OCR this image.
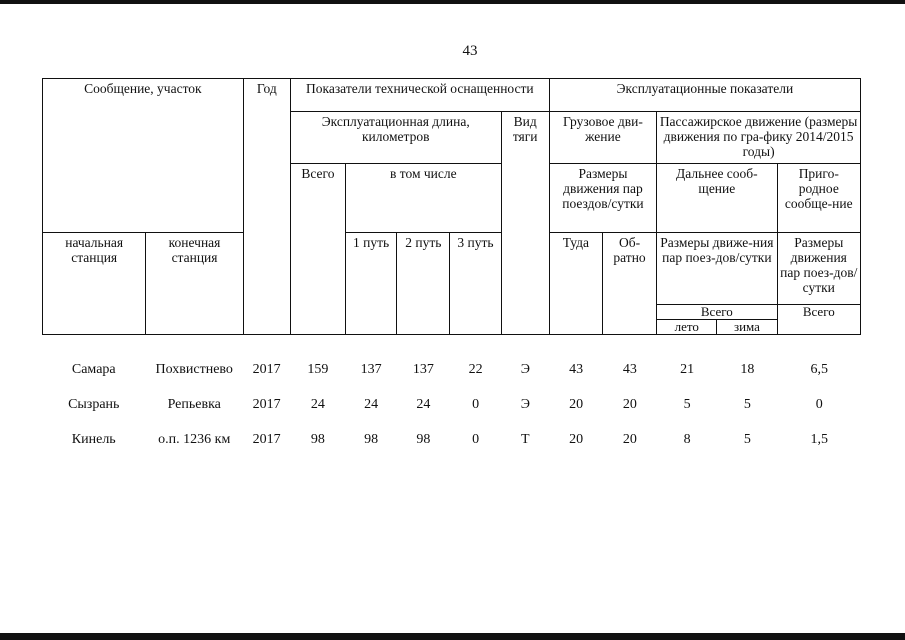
43
Сообщение, участок		Год	Показатели технической оснащенности					Эксплуатационные показатели				
			Эксплуатационная длина, километров				Вид тяги	Грузовое дви-жение		Пассажирское движение (размеры движения по гра-фику 2014/2015 годы)		
			Всего	в том числе				Размеры движения пар поездов/сутки		Дальнее сооб-щение		Приго-родное сообще-ние
начальная станция	конечная станция			1 путь	2 путь	3 путь		Туда	Об-ратно	Размеры движе-ния пар поез-дов/сутки		Размеры движения пар поез-дов/сутки
										Всего		Всего
										лето	зима	
Самара	Похвистнево	2017	159	137	137	22	Э	43	43	21	18	6,5
Сызрань	Репьевка	2017	24	24	24	0	Э	20	20	5	5	0
Кинель	о.п. 1236 км	2017	98	98	98	0	Т	20	20	8	5	1,5
